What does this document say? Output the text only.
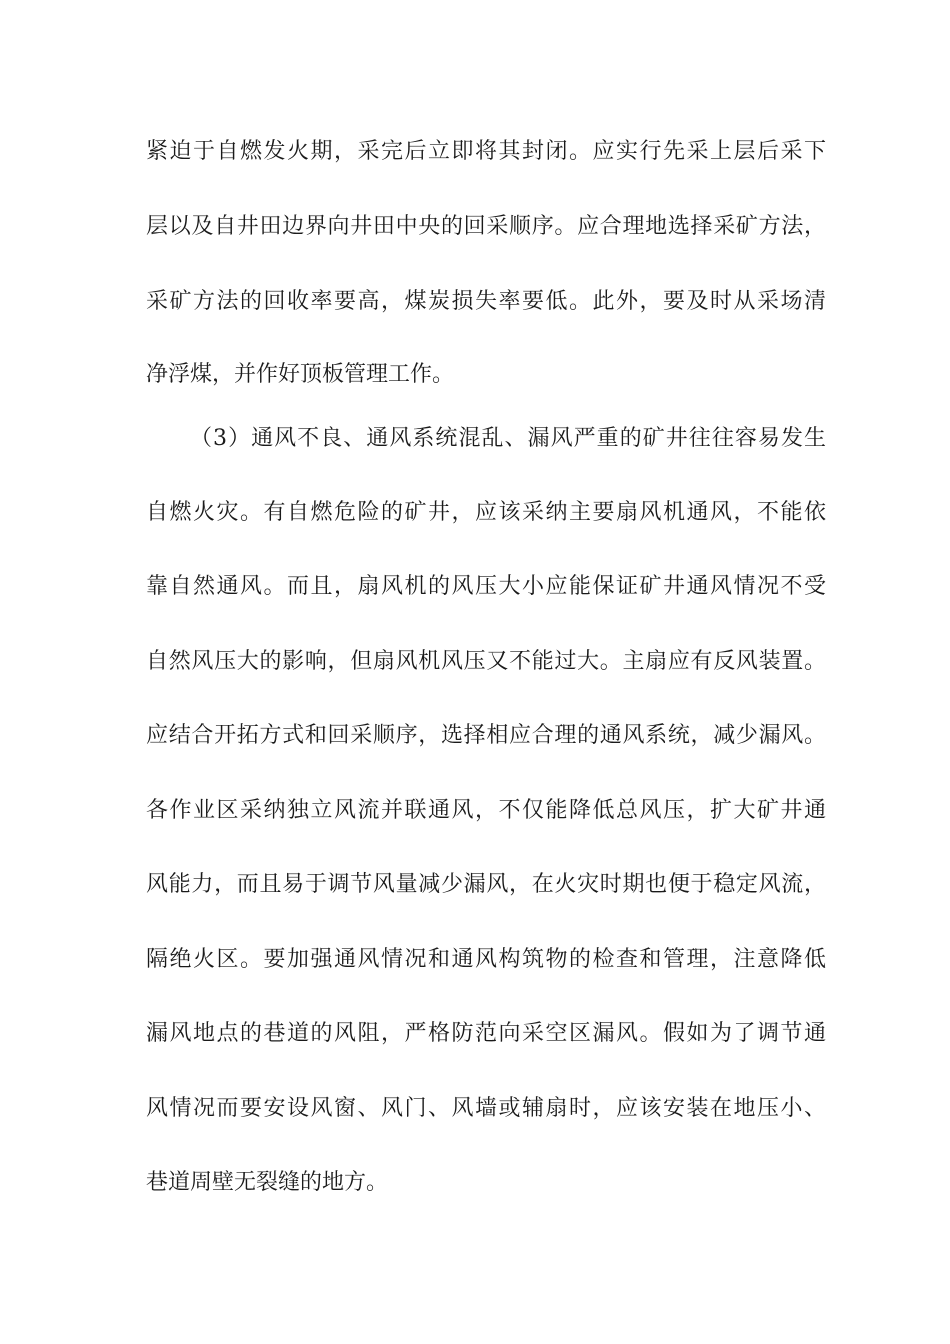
紧迫于自燃发火期，采完后立即将其封闭。应实行先采上层后采下
层以及自井田边界向井田中央的回采顺序。应合理地选择采矿方法，
采矿方法的回收率要高，煤炭损失率要低。此外，要及时从采场清
净浮煤，并作好顶板管理工作。
（3）通风不良、通风系统混乱、漏风严重的矿井往往容易发生
自燃火灾。有自燃危险的矿井，应该采纳主要扇风机通风，不能依
靠自然通风。而且，扇风机的风压大小应能保证矿井通风情况不受
自然风压大的影响，但扇风机风压又不能过大。主扇应有反风装置。
应结合开拓方式和回采顺序，选择相应合理的通风系统，减少漏风。
各作业区采纳独立风流并联通风，不仅能降低总风压，扩大矿井通
风能力，而且易于调节风量减少漏风，在火灾时期也便于稳定风流，
隔绝火区。要加强通风情况和通风构筑物的检查和管理，注意降低
漏风地点的巷道的风阻，严格防范向采空区漏风。假如为了调节通
风情况而要安设风窗、风门、风墙或辅扇时，应该安装在地压小、
巷道周壁无裂缝的地方。
